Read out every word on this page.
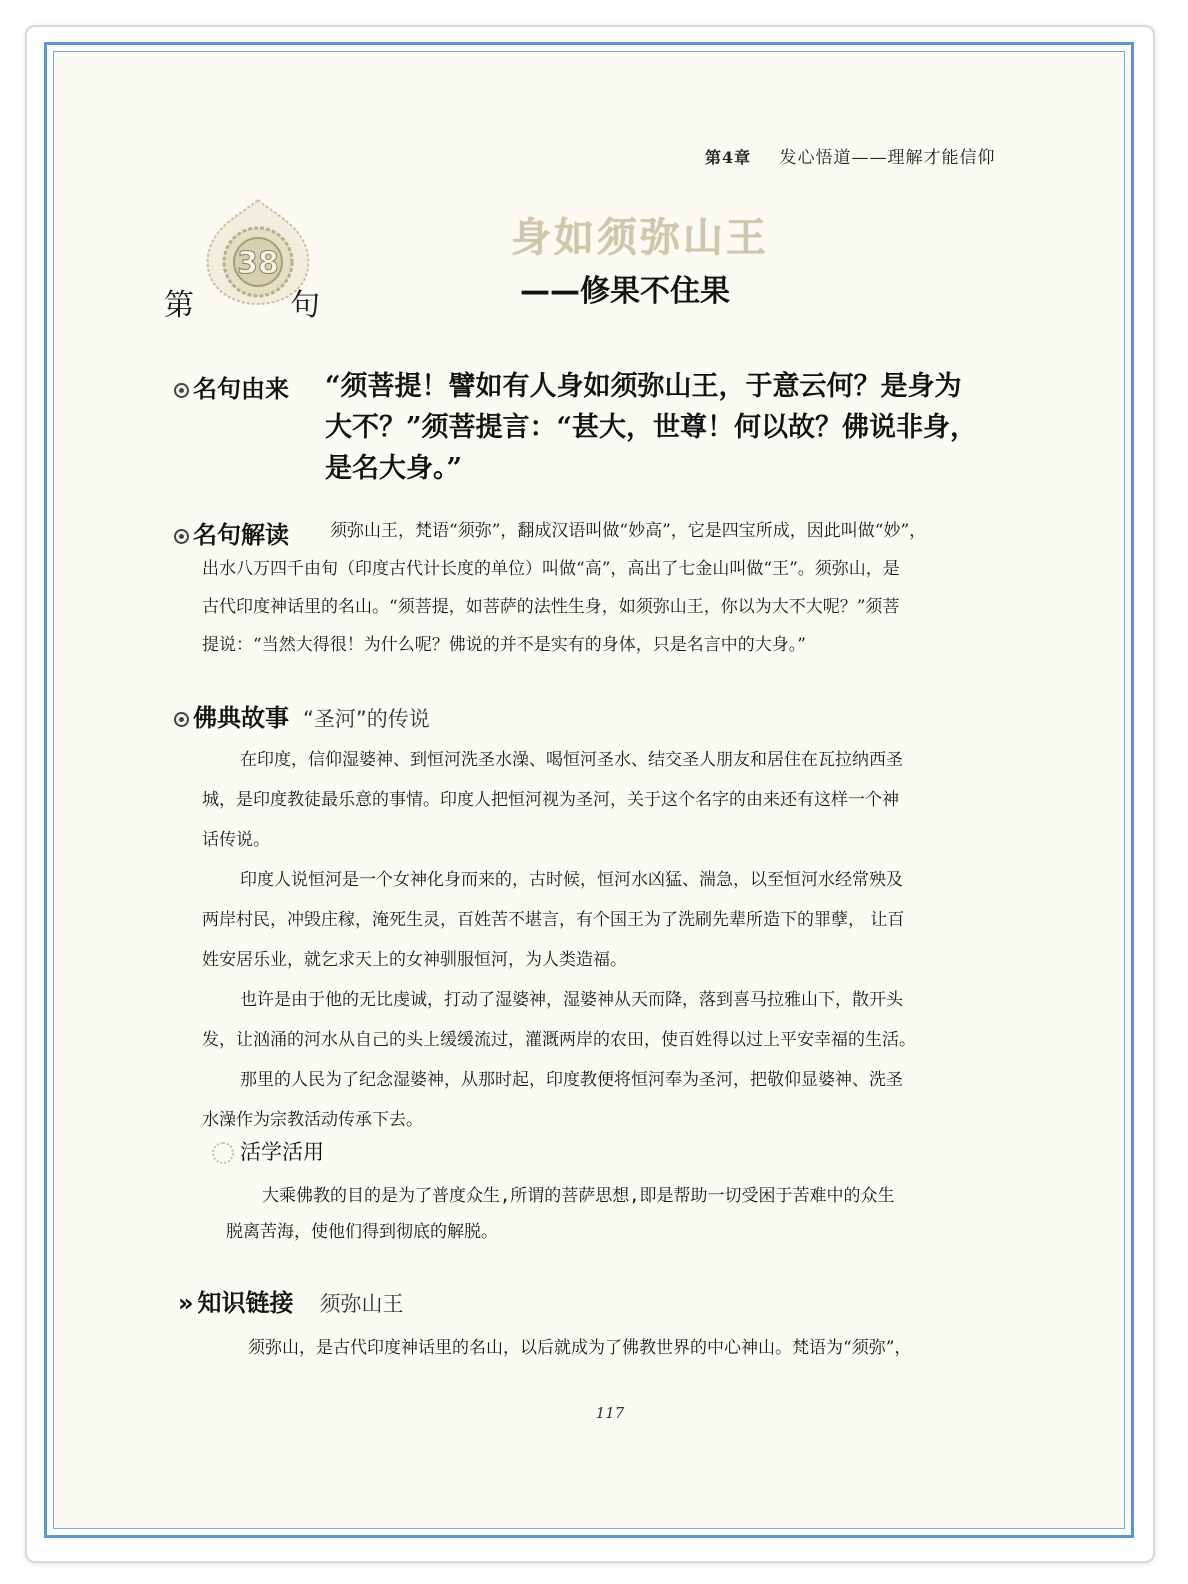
第4章 发心悟道——理解才能信仰
38
第	句
身如须弥山王
——修果不住果
名句由来 “须菩提！譬如有人身如须弥山王，于意云何？是身为
大不？”须菩提言：“甚大，世尊！何以故？佛说非身，
是名大身。”
名句解读 须弥山王，梵语“须弥”，翻成汉语叫做“妙高”，它是四宝所成，因此叫做“妙”，
出水八万四千由旬（印度古代计长度的单位）叫做“高”，高出了七金山叫做“王”。须弥山，是
古代印度神话里的名山。“须菩提，如菩萨的法性生身，如须弥山王，你以为大不大呢？”须菩
提说：“当然大得很！为什么呢？佛说的并不是实有的身体，只是名言中的大身。”
佛典故事 “圣河”的传说
在印度，信仰湿婆神、到恒河洗圣水澡、喝恒河圣水、结交圣人朋友和居住在瓦拉纳西圣
城，是印度教徒最乐意的事情。印度人把恒河视为圣河，关于这个名字的由来还有这样一个神
话传说。
印度人说恒河是一个女神化身而来的，古时候，恒河水凶猛、湍急，以至恒河水经常殃及
两岸村民，冲毁庄稼，淹死生灵，百姓苦不堪言，有个国王为了洗刷先辈所造下的罪孽， 让百
姓安居乐业，就乞求天上的女神驯服恒河，为人类造福。
也许是由于他的无比虔诚，打动了湿婆神，湿婆神从天而降，落到喜马拉雅山下，散开头
发，让汹涌的河水从自己的头上缓缓流过，灌溉两岸的农田，使百姓得以过上平安幸福的生活。
那里的人民为了纪念湿婆神，从那时起，印度教便将恒河奉为圣河，把敬仰显婆神、洗圣
水澡作为宗教活动传承下去。
活学活用
大乘佛教的目的是为了普度众生,所谓的菩萨思想,即是帮助一切受困于苦难中的众生
脱离苦海，使他们得到彻底的解脱。
» 知识链接 须弥山王
须弥山，是古代印度神话里的名山，以后就成为了佛教世界的中心神山。梵语为“须弥”，
117
